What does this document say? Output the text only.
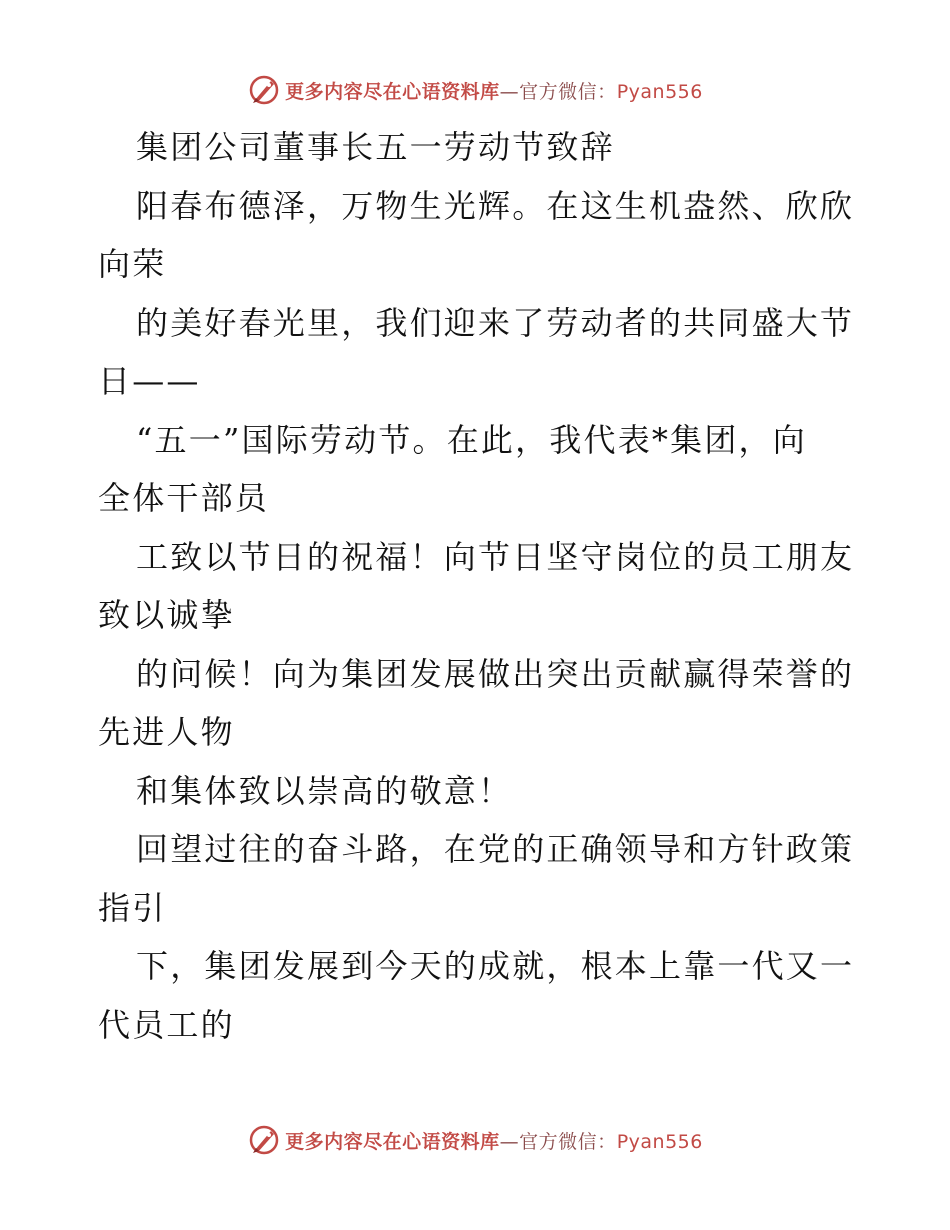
更多内容尽在心语资料库—官方微信：Pyan556
集团公司董事长五一劳动节致辞
阳春布德泽，万物生光辉。在这生机盎然、欣欣
向荣
的美好春光里，我们迎来了劳动者的共同盛大节
日——
“五一”国际劳动节。在此，我代表*集团，向
全体干部员
工致以节日的祝福！向节日坚守岗位的员工朋友
致以诚挚
的问候！向为集团发展做出突出贡献赢得荣誉的
先进人物
和集体致以崇高的敬意！
回望过往的奋斗路，在党的正确领导和方针政策
指引
下，集团发展到今天的成就，根本上靠一代又一
代员工的
更多内容尽在心语资料库—官方微信：Pyan556
